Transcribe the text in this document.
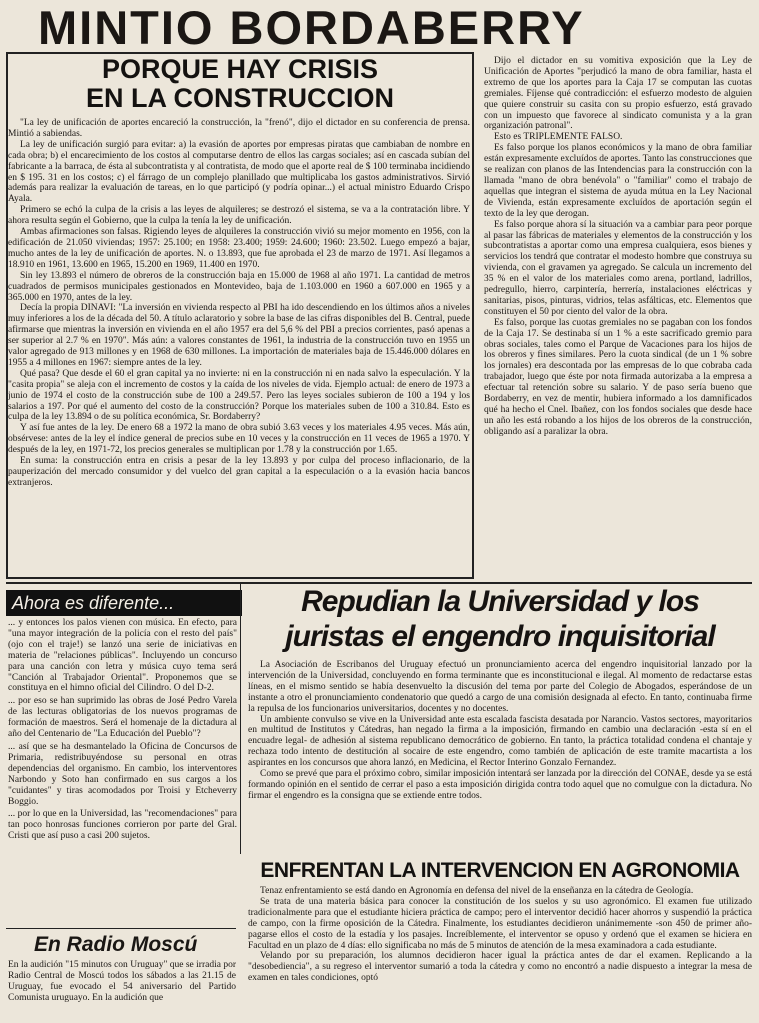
MINTIO BORDABERRY
PORQUE HAY CRISIS
EN LA CONSTRUCCION

"La ley de unificación de aportes encareció la construcción, la "frenó", dijo el dictador en su conferencia de prensa. Mintió a sabiendas.

La ley de unificación surgió para evitar: a) la evasión de aportes por empresas piratas que cambiaban de nombre en cada obra; b) el encarecimiento de los costos al computarse dentro de ellos las cargas sociales; así en cascada subían del fabricante a la barraca, de ésta al subcontratista y al contratista, de modo que el aporte real de $ 100 terminaba incidiendo en $ 195. 31 en los costos; c) el fárrago de un complejo planillado que multiplicaba los gastos administrativos. Sirvió además para realizar la evaluación de tareas, en lo que participó (y podría opinar...) el actual ministro Eduardo Crispo Ayala.

Primero se echó la culpa de la crisis a las leyes de alquileres; se destrozó el sistema, se va a la contratación libre. Y ahora resulta según el Gobierno, que la culpa la tenía la ley de unificación.

Ambas afirmaciones son falsas. Rigiendo leyes de alquileres la construcción vivió su mejor momento en 1956, con la edificación de 21.050 viviendas; 1957: 25.100; en 1958: 23.400; 1959: 24.600; 1960: 23.502. Luego empezó a bajar, mucho antes de la ley de unificación de aportes. N. o 13.893, que fue aprobada el 23 de marzo de 1971. Así llegamos a 18.910 en 1961, 13.600 en 1965, 15.200 en 1969, 11.400 en 1970.

Sin ley 13.893 el número de obreros de la construcción baja en 15.000 de 1968 al año 1971. La cantidad de metros cuadrados de permisos municipales gestionados en Montevideo, baja de 1.103.000 en 1960 a 607.000 en 1965 y a 365.000 en 1970, antes de la ley.

Decía la propia DINAVI: "La inversión en vivienda respecto al PBI ha ido descendiendo en los últimos años a niveles muy inferiores a los de la década del 50. A título aclaratorio y sobre la base de las cifras disponibles del B. Central, puede afirmarse que mientras la inversión en vivienda en el año 1957 era del 5,6 % del PBI a precios corrientes, pasó apenas a ser superior al 2.7 % en 1970". Más aún: a valores constantes de 1961, la industria de la construcción tuvo en 1955 un valor agregado de 913 millones y en 1968 de 630 millones. La importación de materiales baja de 15.446.000 dólares en 1955 a 4 millones en 1967: siempre antes de la ley.

Qué pasa? Que desde el 60 el gran capital ya no invierte: ni en la construcción ni en nada salvo la especulación. Y la "casita propia" se aleja con el incremento de costos y la caída de los niveles de vida. Ejemplo actual: de enero de 1973 a junio de 1974 el costo de la construcción sube de 100 a 249.57. Pero las leyes sociales subieron de 100 a 194 y los salarios a 197. Por qué el aumento del costo de la construcción? Porque los materiales suben de 100 a 310.84. Esto es culpa de la ley 13.894 o de su política económica, Sr. Bordaberry?

Y así fue antes de la ley. De enero 68 a 1972 la mano de obra subió 3.63 veces y los materiales 4.95 veces. Más aún, obsérvese: antes de la ley el índice general de precios sube en 10 veces y la construcción en 11 veces de 1965 a 1970. Y después de la ley, en 1971-72, los precios generales se multiplican por 1.78 y la construcción por 1.65.

En suma: la construcción entra en crisis a pesar de la ley 13.893 y por culpa del proceso inflacionario, de la pauperización del mercado consumidor y del vuelco del gran capital a la especulación o a la evasión hacia bancos extranjeros.

Dijo el dictador en su vomitiva exposición que la Ley de Unificación de Aportes "perjudicó la mano de obra familiar, hasta el extremo de que los aportes para la Caja 17 se computan las cuotas gremiales. Fíjense qué contradicción: el esfuerzo modesto de alguien que quiere construir su casita con su propio esfuerzo, está gravado con un impuesto que favorece al sindicato comunista y a la gran organización patronal".

Esto es TRIPLEMENTE FALSO.

Es falso porque los planos económicos y la mano de obra familiar están expresamente excluídos de aportes. Tanto las construcciones que se realizan con planos de las Intendencias para la construcción con la llamada "mano de obra benévola" o "familiar" como el trabajo de aquellas que integran el sistema de ayuda mútua en la Ley Nacional de Vivienda, están expresamente excluídos de aportación según el texto de la ley que derogan.

Es falso porque ahora sí la situación va a cambiar para peor porque al pasar las fábricas de materiales y elementos de la construcción y los subcontratistas a aportar como una empresa cualquiera, esos bienes y servicios los tendrá que contratar el modesto hombre que construya su vivienda, con el gravamen ya agregado. Se calcula un incremento del 35 % en el valor de los materiales como arena, portland, ladrillos, pedregullo, hierro, carpintería, herrería, instalaciones eléctricas y sanitarias, pisos, pinturas, vidrios, telas asfálticas, etc. Elementos que constituyen el 50 por ciento del valor de la obra.

Es falso, porque las cuotas gremiales no se pagaban con los fondos de la Caja 17. Se destinaba sí un 1 % a este sacrificado gremio para obras sociales, tales como el Parque de Vacaciones para los hijos de los obreros y fines similares. Pero la cuota sindical (de un 1 % sobre los jornales) era descontada por las empresas de lo que cobraba cada trabajador, luego que éste por nota firmada autorizaba a la empresa a efectuar tal retención sobre su salario. Y de paso sería bueno que Bordaberry, en vez de mentir, hubiera informado a los damnificados qué ha hecho el Cnel. Ibañez, con los fondos sociales que desde hace un año les está robando a los hijos de los obreros de la construcción, obligando así a paralizar la obra.

Ahora es diferente...

... y entonces los palos vienen con música. En efecto, para "una mayor integración de la policía con el resto del país" (ojo con el traje!) se lanzó una serie de iniciativas en materia de "relaciones públicas". Incluyendo un concurso para una canción con letra y música cuyo tema será "Canción al Trabajador Oriental". Proponemos que se constituya en el himno oficial del Cilindro. O del D-2.

... por eso se han suprimido las obras de José Pedro Varela de las lecturas obligatorias de los nuevos programas de formación de maestros. Será el homenaje de la dictadura al año del Centenario de "La Educación del Pueblo"?

... así que se ha desmantelado la Oficina de Concursos de Primaria, redistribuyéndose su personal en otras dependencias del organismo. En cambio, los interventores Narbondo y Soto han confirmado en sus cargos a los "cuidantes" y tiras acomodados por Troisi y Etcheverry Boggio.

... por lo que en la Universidad, las "recomendaciones" para tan poco honrosas funciones corrieron por parte del Gral. Cristi que así puso a casi 200 sujetos.

En Radio Moscú
En la audición "15 minutos con Uruguay" que se irradia por Radio Central de Moscú todos los sábados a las 21.15 de Uruguay, fue evocado el 54 aniversario del Partido Comunista uruguayo. En la audición que
Repudian la Universidad y los
juristas el engendro inquisitorial

La Asociación de Escribanos del Uruguay efectuó un pronunciamiento acerca del engendro inquisitorial lanzado por la intervención de la Universidad, concluyendo en forma terminante que es inconstitucional e ilegal. Al momento de redactarse estas líneas, en el mismo sentido se había desenvuelto la discusión del tema por parte del Colegio de Abogados, esperándose de un instante a otro el pronunciamiento condenatorio que quedó a cargo de una comisión designada al efecto. En tanto, continuaba firme la repulsa de los funcionarios universitarios, docentes y no docentes.

Un ambiente convulso se vive en la Universidad ante esta escalada fascista desatada por Narancio. Vastos sectores, mayoritarios en multitud de Institutos y Cátedras, han negado la firma a la imposición, firmando en cambio una declaración -esta sí en el encuadre legal- de adhesión al sistema republicano democrático de gobierno. En tanto, la práctica totalidad condena el chantaje y rechaza todo intento de destitución al socaire de este engendro, como también de aplicación de este tramite macartista a los aspirantes en los concursos que ahora lanzó, en Medicina, el Rector Interino Gonzalo Fernandez.

Como se prevé que para el próximo cobro, similar imposición intentará ser lanzada por la dirección del CONAE, desde ya se está formando opinión en el sentido de cerrar el paso a esta imposición dirigida contra todo aquel que no comulgue con la dictadura. No firmar el engendro es la consigna que se extiende entre todos.

ENFRENTAN LA INTERVENCION EN AGRONOMIA

Tenaz enfrentamiento se está dando en Agronomía en defensa del nivel de la enseñanza en la cátedra de Geología.

Se trata de una materia básica para conocer la constitución de los suelos y su uso agronómico. El examen fue utilizado tradicionalmente para que el estudiante hiciera práctica de campo; pero el interventor decidió hacer ahorros y suspendió la práctica de campo, con la firme oposición de la Cátedra. Finalmente, los estudiantes decidieron unánimemente -son 450 de primer año- pagarse ellos el costo de la estadía y los pasajes. Increíblemente, el interventor se opuso y ordenó que el examen se hiciera en Facultad en un plazo de 4 días: ello significaba no más de 5 minutos de atención de la mesa examinadora a cada estudiante.

Velando por su preparación, los alumnos decidieron hacer igual la práctica antes de dar el examen. Replicando a la "desobediencia", a su regreso el interventor sumarió a toda la cátedra y como no encontró a nadie dispuesto a integrar la mesa de examen en tales condiciones, optó
